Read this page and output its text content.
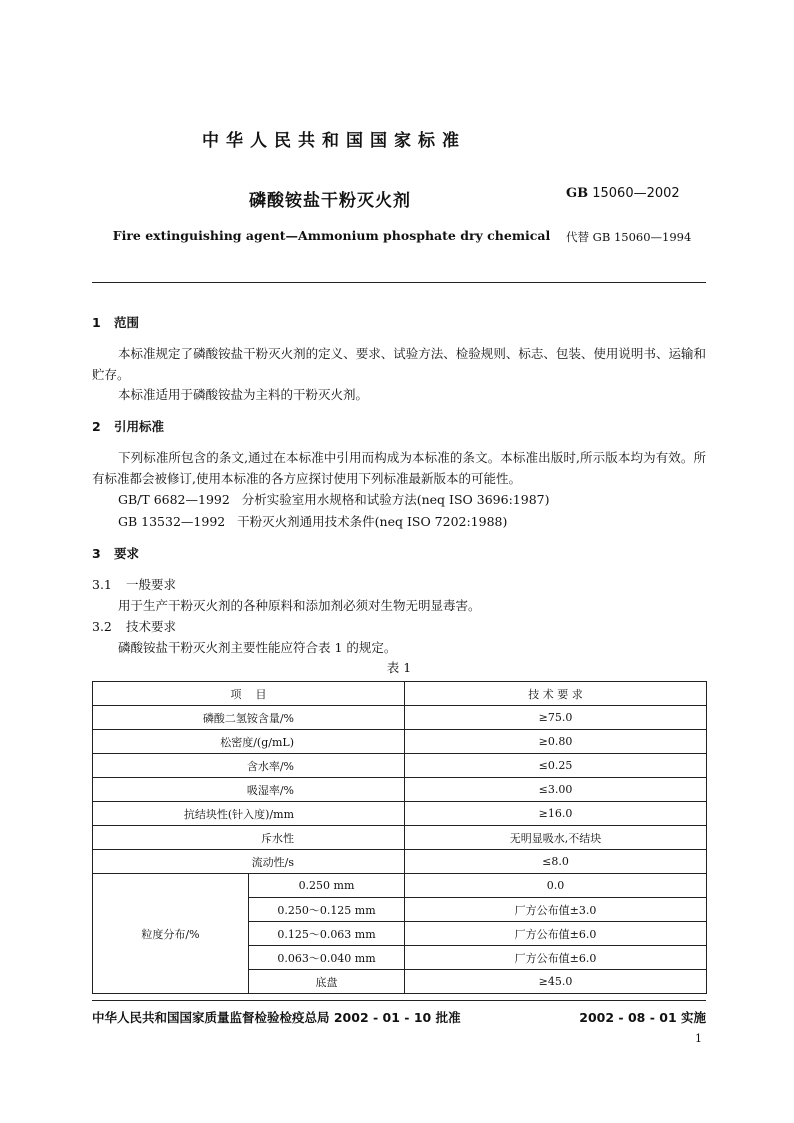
中华人民共和国国家标准
GB 15060—2002
磷酸铵盐干粉灭火剂
Fire extinguishing agent—Ammonium phosphate dry chemical	代替 GB 15060—1994
1 范围
本标准规定了磷酸铵盐干粉灭火剂的定义、要求、试验方法、检验规则、标志、包装、使用说明书、运输和贮存。
本标准适用于磷酸铵盐为主料的干粉灭火剂。
2 引用标准
下列标准所包含的条文,通过在本标准中引用而构成为本标准的条文。本标准出版时,所示版本均为有效。所有标准都会被修订,使用本标准的各方应探讨使用下列标准最新版本的可能性。
GB/T 6682—1992   分析实验室用水规格和试验方法(neq ISO 3696:1987)
GB 13532—1992   干粉灭火剂通用技术条件(neq ISO 7202:1988)
3 要求
3.1 一般要求
用于生产干粉灭火剂的各种原料和添加剂必须对生物无明显毒害。
3.2 技术要求
磷酸铵盐干粉灭火剂主要性能应符合表 1 的规定。
表 1
项    目		技 术 要 求
磷酸二氢铵含量/%		≥75.0
松密度/(g/mL)		≥0.80
含水率/%		≤0.25
吸湿率/%		≤3.00
抗结块性(针入度)/mm		≥16.0
斥水性		无明显吸水,不结块
流动性/s		≤8.0
粒度分布/%	0.250 mm	0.0
	0.250～0.125 mm	厂方公布值±3.0
	0.125～0.063 mm	厂方公布值±6.0
	0.063～0.040 mm	厂方公布值±6.0
	底盘	≥45.0
中华人民共和国国家质量监督检验检疫总局 2002 - 01 - 10 批准	2002 - 08 - 01 实施
1
